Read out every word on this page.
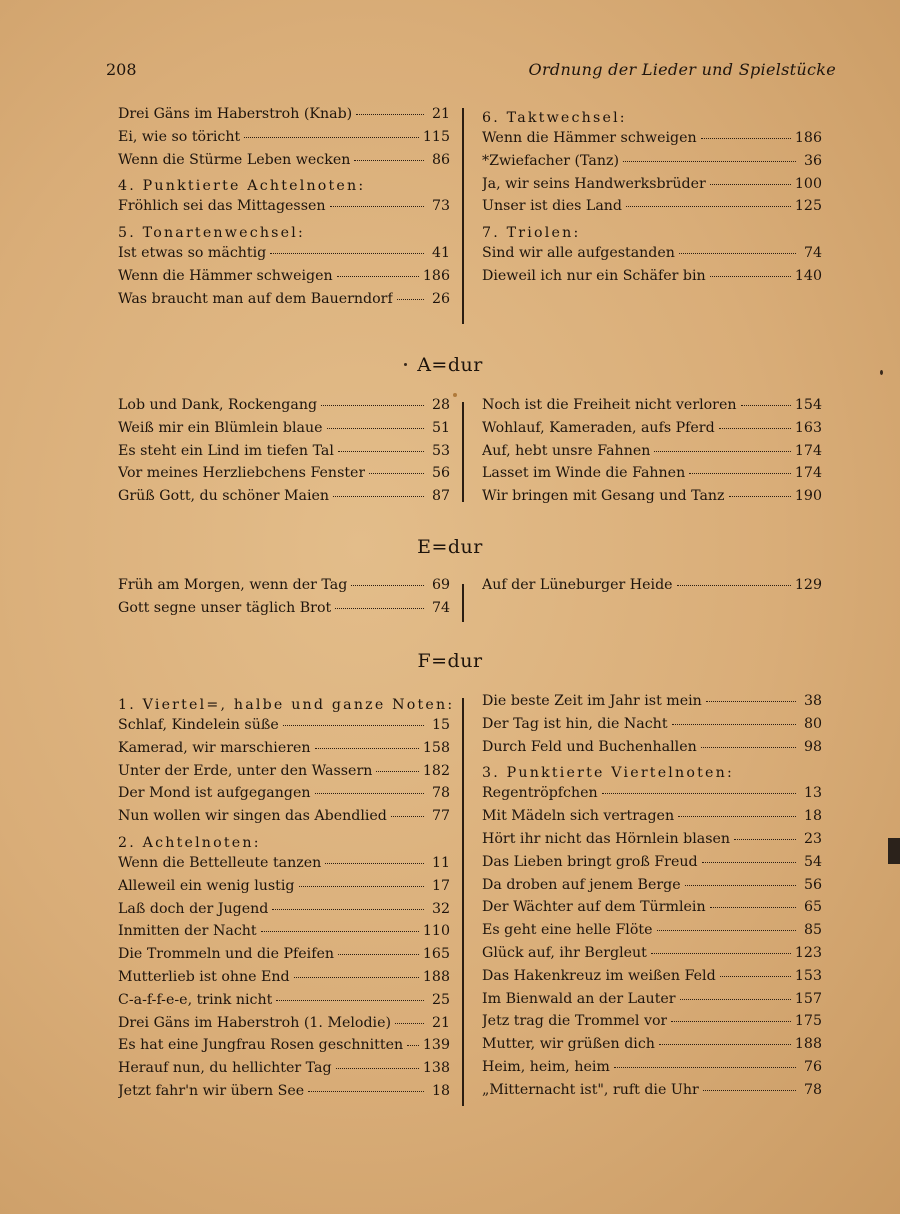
208	Ordnung der Lieder und Spielstücke
Drei Gäns im Haberstroh (Knab)	21
Ei, wie so töricht	115
Wenn die Stürme Leben wecken	86
4. Punktierte Achtelnoten:
Fröhlich sei das Mittagessen	73
5. Tonartenwechsel:
Ist etwas so mächtig	41
Wenn die Hämmer schweigen	186
Was braucht man auf dem Bauerndorf	26
6. Taktwechsel:
Wenn die Hämmer schweigen	186
*Zwiefacher (Tanz)	36
Ja, wir seins Handwerksbrüder	100
Unser ist dies Land	125
7. Triolen:
Sind wir alle aufgestanden	74
Dieweil ich nur ein Schäfer bin	140
A=dur
Lob und Dank, Rockengang	28
Weiß mir ein Blümlein blaue	51
Es steht ein Lind im tiefen Tal	53
Vor meines Herzliebchens Fenster	56
Grüß Gott, du schöner Maien	87
Noch ist die Freiheit nicht verloren	154
Wohlauf, Kameraden, aufs Pferd	163
Auf, hebt unsre Fahnen	174
Lasset im Winde die Fahnen	174
Wir bringen mit Gesang und Tanz	190
E=dur
Früh am Morgen, wenn der Tag	69
Gott segne unser täglich Brot	74
Auf der Lüneburger Heide	129
F=dur
1. Viertel=, halbe und ganze Noten:
Schlaf, Kindelein süße	15
Kamerad, wir marschieren	158
Unter der Erde, unter den Wassern	182
Der Mond ist aufgegangen	78
Nun wollen wir singen das Abendlied	77
2. Achtelnoten:
Wenn die Bettelleute tanzen	11
Alleweil ein wenig lustig	17
Laß doch der Jugend	32
Inmitten der Nacht	110
Die Trommeln und die Pfeifen	165
Mutterlieb ist ohne End	188
C-a-f-f-e-e, trink nicht	25
Drei Gäns im Haberstroh (1. Melodie)	21
Es hat eine Jungfrau Rosen geschnitten 139
Herauf nun, du hellichter Tag	138
Jetzt fahr'n wir übern See	18
Die beste Zeit im Jahr ist mein	38
Der Tag ist hin, die Nacht	80
Durch Feld und Buchenhallen	98
3. Punktierte Viertelnoten:
Regentröpfchen	13
Mit Mädeln sich vertragen	18
Hört ihr nicht das Hörnlein blasen	23
Das Lieben bringt groß Freud	54
Da droben auf jenem Berge	56
Der Wächter auf dem Türmlein	65
Es geht eine helle Flöte	85
Glück auf, ihr Bergleut	123
Das Hakenkreuz im weißen Feld	153
Im Bienwald an der Lauter	157
Jetz trag die Trommel vor	175
Mutter, wir grüßen dich	188
Heim, heim, heim	76
„Mitternacht ist", ruft die Uhr	78
